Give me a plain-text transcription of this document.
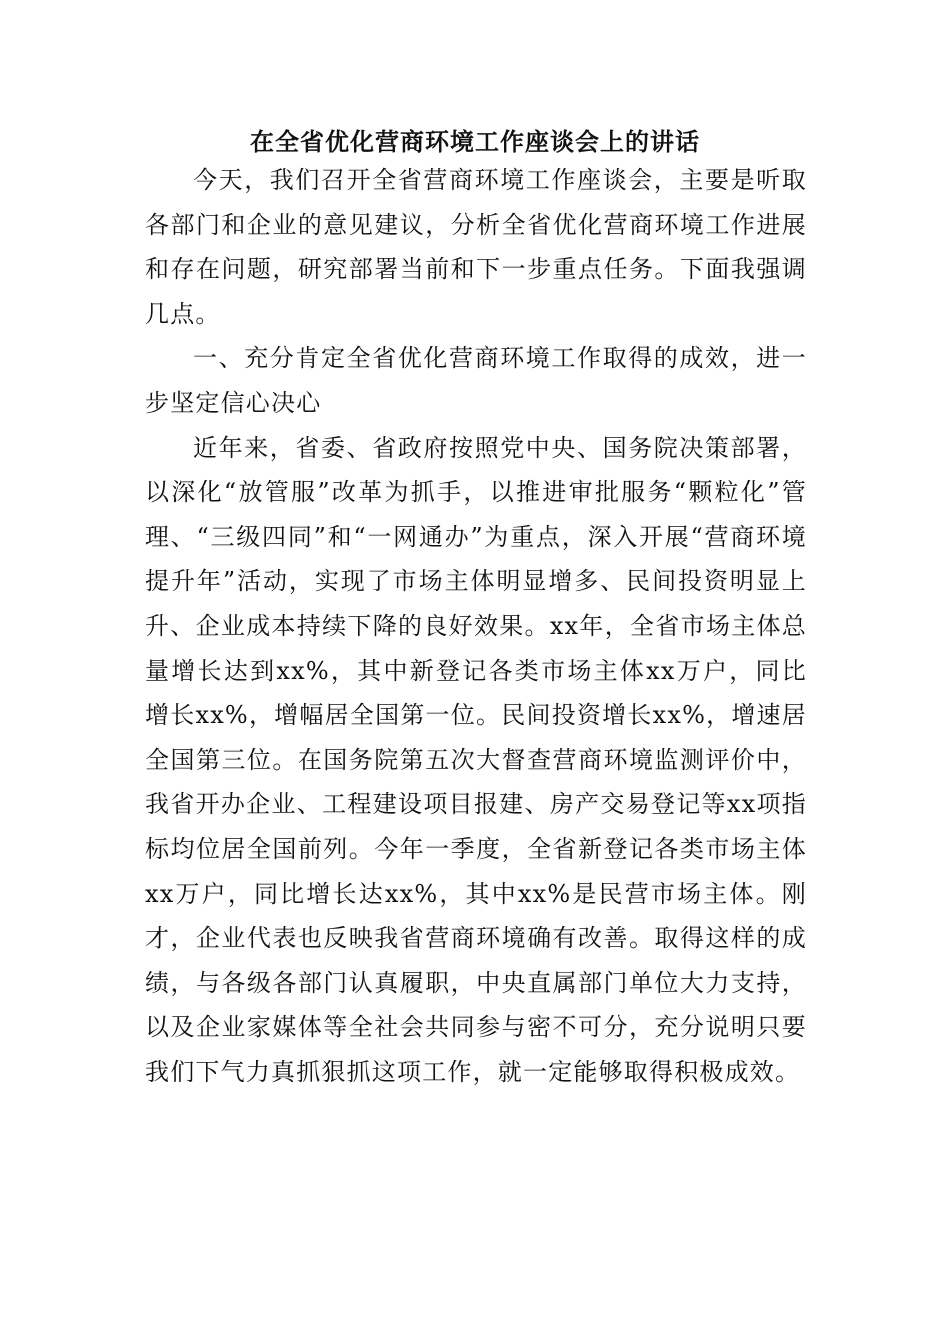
在全省优化营商环境工作座谈会上的讲话

今天，我们召开全省营商环境工作座谈会，主要是听取各部门和企业的意见建议，分析全省优化营商环境工作进展和存在问题，研究部署当前和下一步重点任务。下面我强调几点。

一、充分肯定全省优化营商环境工作取得的成效，进一步坚定信心决心

近年来，省委、省政府按照党中央、国务院决策部署，以深化“放管服”改革为抓手，以推进审批服务“颗粒化”管理、“三级四同”和“一网通办”为重点，深入开展“营商环境提升年”活动，实现了市场主体明显增多、民间投资明显上升、企业成本持续下降的良好效果。xx年，全省市场主体总量增长达到xx%，其中新登记各类市场主体xx万户，同比增长xx%，增幅居全国第一位。民间投资增长xx%，增速居全国第三位。在国务院第五次大督查营商环境监测评价中，我省开办企业、工程建设项目报建、房产交易登记等xx项指标均位居全国前列。今年一季度，全省新登记各类市场主体xx万户，同比增长达xx%，其中xx%是民营市场主体。刚才，企业代表也反映我省营商环境确有改善。取得这样的成绩，与各级各部门认真履职，中央直属部门单位大力支持，以及企业家媒体等全社会共同参与密不可分，充分说明只要我们下气力真抓狠抓这项工作，就一定能够取得积极成效。
